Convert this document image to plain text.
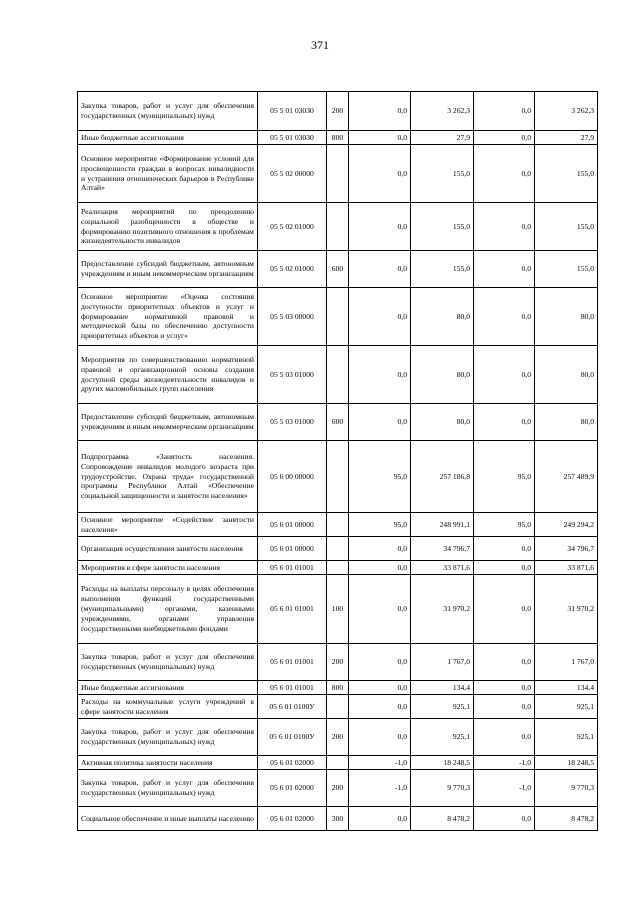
371
Закупка товаров, работ и услуг для обеспечения государственных (муниципальных) нужд	05 5 01 03030	200	0,0	3 262,3	0,0	3 262,3
Иные бюджетные ассигнования	05 5 01 03030	800	0,0	27,9	0,0	27,9
Основное мероприятие «Формирование условий для просвещенности граждан в вопросах инвалидности и устранения отношенческих барьеров в Республике Алтай»	05 5 02 00000		0,0	155,0	0,0	155,0
Реализация мероприятий по преодолению социальной разобщенности в обществе и формированию позитивного отношения к проблемам жизнедеятельности инвалидов	05 5 02 01000		0,0	155,0	0,0	155,0
Предоставление субсидий бюджетным, автономным учреждениям и иным некоммерческим организациям	05 5 02 01000	600	0,0	155,0	0,0	155,0
Основное мероприятие «Оценка состояния доступности приоритетных объектов и услуг и формирование нормативной правовой и методической базы по обеспечению доступности приоритетных объектов и услуг»	05 5 03 00000		0,0	80,0	0,0	80,0
Мероприятия по совершенствованию нормативной правовой и организационной основы создания доступной среды жизнедеятельности инвалидов и других маломобильных групп населения	05 5 03 01000		0,0	80,0	0,0	80,0
Предоставление субсидий бюджетным, автономным учреждениям и иным некоммерческим организациям	05 5 03 01000	600	0,0	80,0	0,0	80,0
Подпрограмма «Занятость населения. Сопровождение инвалидов молодого возраста при трудоустройстве. Охрана труда» государственной программы Республики Алтай «Обеспечение социальной защищенности и занятости населения»	05 6 00 00000		95,0	257 186,8	95,0	257 489,9
Основное мероприятие «Содействие занятости населения»	05 6 01 00000		95,0	248 991,1	95,0	249 294,2
Организация осуществления занятости населения	05 6 01 00000		0,0	34 796,7	0,0	34 796,7
Мероприятия в сфере занятости населения	05 6 01 01001		0,0	33 871,6	0,0	33 871,6
Расходы на выплаты персоналу в целях обеспечения выполнения функций государственными (муниципальными) органами, казенными учреждениями, органами управления государственными внебюджетными фондами	05 6 01 01001	100	0,0	31 970,2	0,0	31 970,2
Закупка товаров, работ и услуг для обеспечения государственных (муниципальных) нужд	05 6 01 01001	200	0,0	1 767,0	0,0	1 767,0
Иные бюджетные ассигнования	05 6 01 01001	800	0,0	134,4	0,0	134,4
Расходы на коммунальные услуги учреждений в сфере занятости населения	05 6 01 0100У		0,0	925,1	0,0	925,1
Закупка товаров, работ и услуг для обеспечения государственных (муниципальных) нужд	05 6 01 0100У	200	0,0	925,1	0,0	925,1
Активная политика занятости населения	05 6 01 02000		-1,0	18 248,5	-1,0	18 248,5
Закупка товаров, работ и услуг для обеспечения государственных (муниципальных) нужд	05 6 01 02000	200	-1,0	9 770,3	-1,0	9 770,3
Социальное обеспечение и иные выплаты населению	05 6 01 02000	300	0,0	8 478,2	0,0	8 478,2
